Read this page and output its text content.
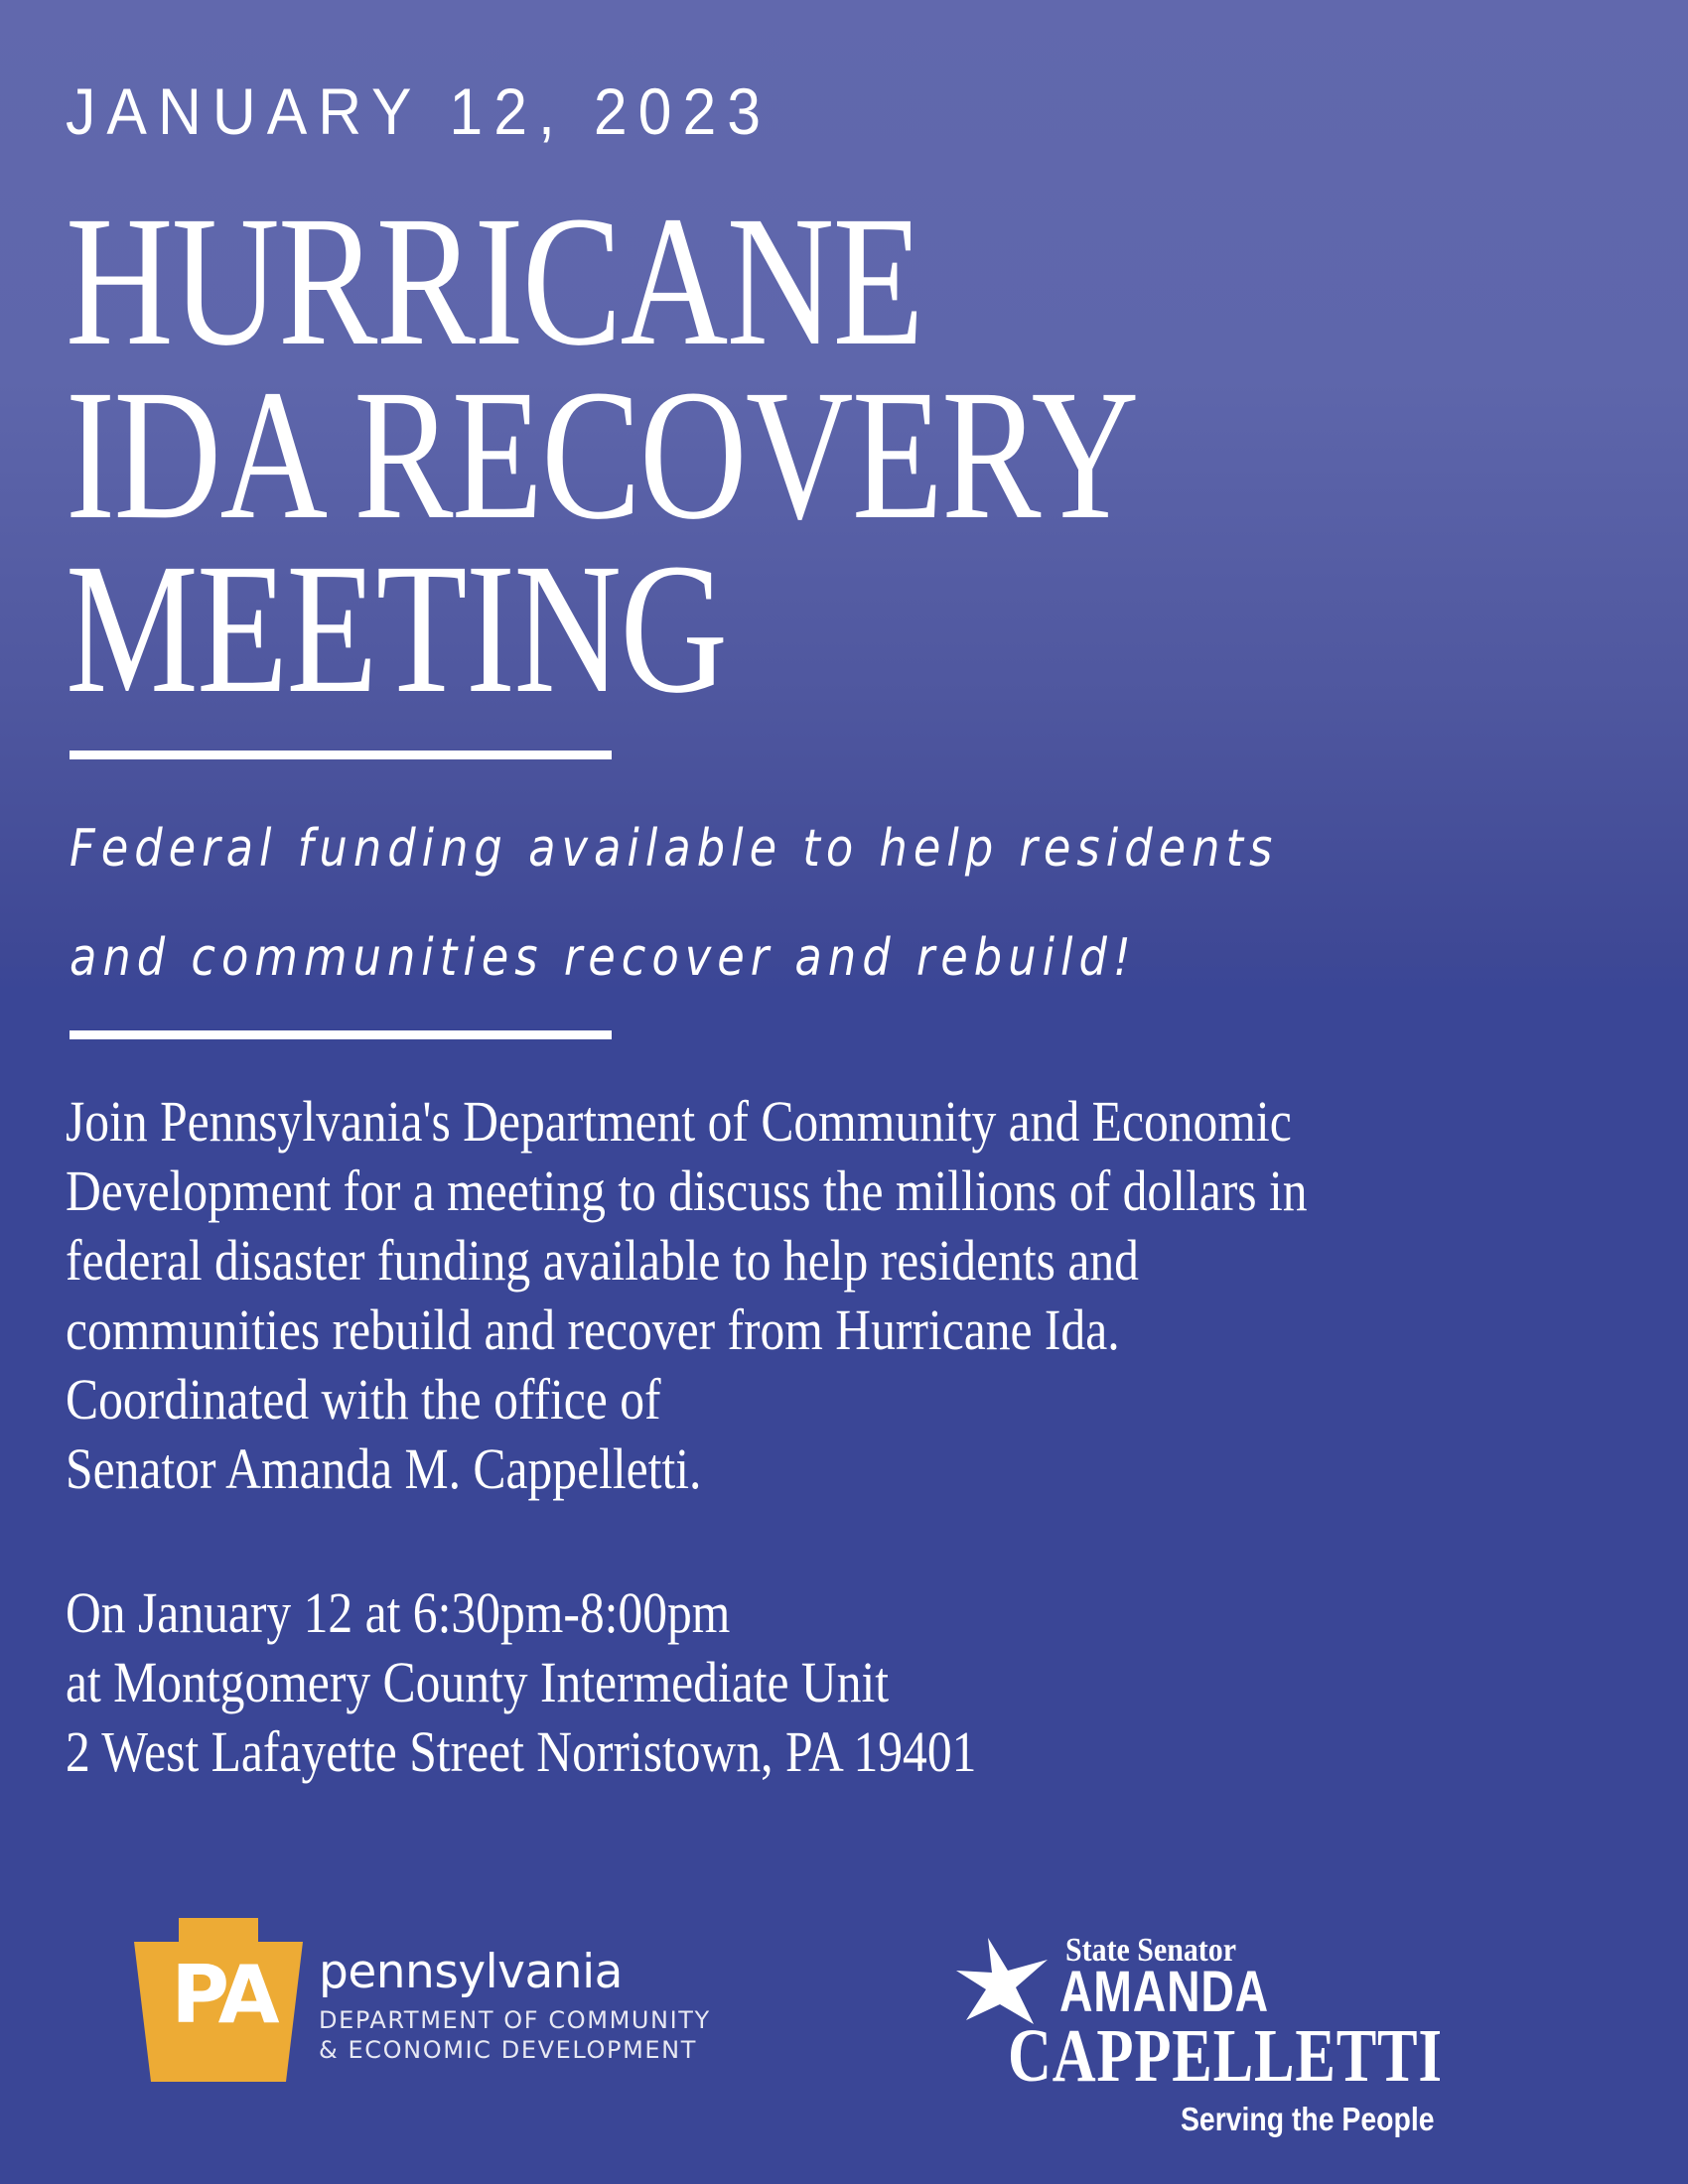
JANUARY 12, 2023
HURRICANE
IDA RECOVERY
MEETING
Federal funding available to help residents
and communities recover and rebuild!
Join Pennsylvania's Department of Community and Economic
Development for a meeting to discuss the millions of dollars in
federal disaster funding available to help residents and
communities rebuild and recover from Hurricane Ida.
Coordinated with the office of
Senator Amanda M. Cappelletti.
On January 12 at 6:30pm-8:00pm
at Montgomery County Intermediate Unit
2 West Lafayette Street Norristown, PA 19401
PA pennsylvania
DEPARTMENT OF COMMUNITY
& ECONOMIC DEVELOPMENT
State Senator
AMANDA
CAPPELLETTI
Serving the People
